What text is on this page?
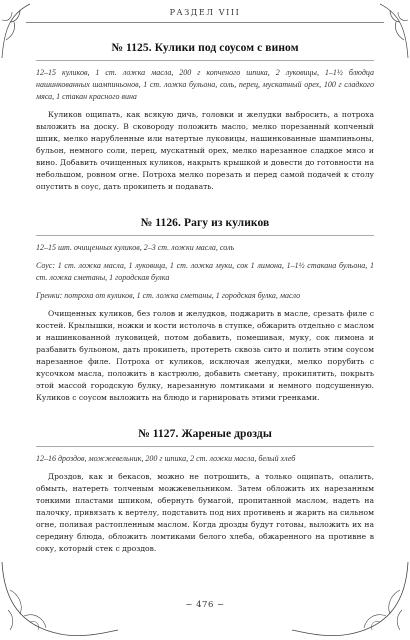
РАЗДЕЛ VIII
№ 1125. Кулики под соусом с вином

12–15 куликов, 1 ст. ложка масла, 200 г копченого шпика, 2 луковицы, 1–1½ блюдца нашинкованных шампиньонов, 1 ст. ложка бульона, соль, перец, мускатный орех, 100 г сладкого мяса, 1 стакан красного вина

Куликов ощипать, как всякую дичь, головки и желудки выбросить, а потроха выложить на доску. В сковороду положить масло, мелко порезанный копченый шпик, мелко нарубленные или натертые луковицы, нашинкованные шампиньоны, бульон, немного соли, перец, мускатный орех, мелко нарезанное сладкое мясо и вино. Добавить очищенных куликов, накрыть крышкой и довести до готовности на небольшом, ровном огне. Потроха мелко порезать и перед самой подачей к столу опустить в соус, дать прокипеть и подавать.

№ 1126. Рагу из куликов

12–15 шт. очищенных куликов, 2–3 ст. ложки масла, соль

Соус: 1 ст. ложка масла, 1 луковица, 1 ст. ложка муки, сок 1 лимона, 1–1½ стакана бульона, 1 ст. ложка сметаны, 1 городская булка

Гренки: потроха от куликов, 1 ст. ложка сметаны, 1 городская булка, масло

Очищенных куликов, без голов и желудков, поджарить в масле, срезать филе с костей. Крылышки, ножки и кости истолочь в ступке, обжарить отдельно с маслом и нашинкованной луковицей, потом добавить, помешивая, муку, сок лимона и разбавить бульоном, дать прокипеть, протереть сквозь сито и полить этим соусом нарезанное филе. Потроха от куликов, исключая желудки, мелко порубить с кусочком масла, положить в кастрюлю, добавить сметану, прокипятить, покрыть этой массой городскую булку, нарезанную ломтиками и немного подсушенную. Куликов с соусом выложить на блюдо и гарнировать этими гренками.

№ 1127. Жареные дрозды

12–16 дроздов, можжевельник, 200 г шпика, 2 ст. ложки масла, белый хлеб

Дроздов, как и бекасов, можно не потрошить, а только ощипать, опалить, обмыть, натереть толченым можжевельником. Затем обложить их нарезанным тонкими пластами шпиком, обернуть бумагой, пропитанной маслом, надеть на палочку, привязать к вертелу, подставить под них противень и жарить на сильном огне, поливая растопленным маслом. Когда дрозды будут готовы, выложить их на середину блюда, обложить ломтиками белого хлеба, обжаренного на противне в соку, который стек с дроздов.

~ 476 ~
